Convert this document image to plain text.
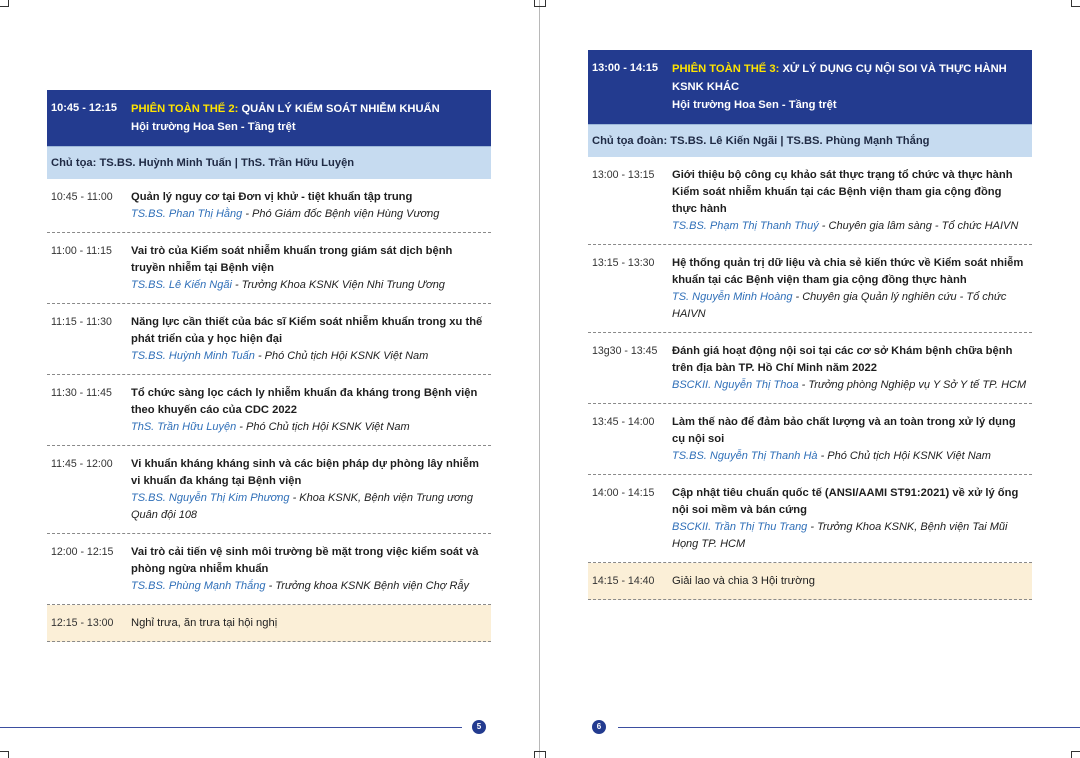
10:45 - 12:15	PHIÊN TOÀN THỂ 2: QUẢN LÝ KIỂM SOÁT NHIỄM KHUẨN
Hội trường Hoa Sen - Tầng trệt
Chủ tọa: TS.BS. Huỳnh Minh Tuấn | ThS. Trần Hữu Luyện
10:45 - 11:00	Quản lý nguy cơ tại Đơn vị khử - tiệt khuẩn tập trung
TS.BS. Phan Thị Hằng - Phó Giám đốc Bệnh viện Hùng Vương
11:00 - 11:15	Vai trò của Kiểm soát nhiễm khuẩn trong giám sát dịch bệnh truyền nhiễm tại Bệnh viện
TS.BS. Lê Kiến Ngãi - Trưởng Khoa KSNK Viện Nhi Trung Ương
11:15 - 11:30	Năng lực cần thiết của bác sĩ Kiểm soát nhiễm khuẩn trong xu thế phát triển của y học hiện đại
TS.BS. Huỳnh Minh Tuấn - Phó Chủ tịch Hội KSNK Việt Nam
11:30 - 11:45	Tổ chức sàng lọc cách ly nhiễm khuẩn đa kháng trong Bệnh viện theo khuyến cáo của CDC 2022
ThS. Trần Hữu Luyện - Phó Chủ tịch Hội KSNK Việt Nam
11:45 - 12:00	Vi khuẩn kháng kháng sinh và các biện pháp dự phòng lây nhiễm vi khuẩn đa kháng tại Bệnh viện
TS.BS. Nguyễn Thị Kim Phương - Khoa KSNK, Bệnh viện Trung ương Quân đội 108
12:00 - 12:15	Vai trò cải tiến vệ sinh môi trường bề mặt trong việc kiểm soát và phòng ngừa nhiễm khuẩn
TS.BS. Phùng Mạnh Thắng - Trưởng khoa KSNK Bệnh viện Chợ Rẫy
12:15 - 13:00	Nghỉ trưa, ăn trưa tại hội nghị
5
13:00 - 14:15	PHIÊN TOÀN THỂ 3: XỬ LÝ DỤNG CỤ NỘI SOI VÀ THỰC HÀNH KSNK KHÁC
Hội trường Hoa Sen - Tầng trệt
Chủ tọa đoàn: TS.BS. Lê Kiến Ngãi | TS.BS. Phùng Mạnh Thắng
13:00 - 13:15	Giới thiệu bộ công cụ khảo sát thực trạng tổ chức và thực hành Kiểm soát nhiễm khuẩn tại các Bệnh viện tham gia cộng đồng thực hành
TS.BS. Phạm Thị Thanh Thuý - Chuyên gia lâm sàng - Tổ chức HAIVN
13:15 - 13:30	Hệ thống quản trị dữ liệu và chia sẻ kiến thức về Kiểm soát nhiễm khuẩn tại các Bệnh viện tham gia cộng đồng thực hành
TS. Nguyễn Minh Hoàng - Chuyên gia Quản lý nghiên cứu - Tổ chức HAIVN
13g30 - 13:45	Đánh giá hoạt động nội soi tại các cơ sở Khám bệnh chữa bệnh trên địa bàn TP. Hồ Chí Minh năm 2022
BSCKII. Nguyễn Thị Thoa - Trưởng phòng Nghiệp vụ Y Sở Y tế TP. HCM
13:45 - 14:00	Làm thế nào để đảm bảo chất lượng và an toàn trong xử lý dụng cụ nội soi
TS.BS. Nguyễn Thị Thanh Hà - Phó Chủ tịch Hội KSNK Việt Nam
14:00 - 14:15	Cập nhật tiêu chuẩn quốc tế (ANSI/AAMI ST91:2021) về xử lý ống nội soi mềm và bán cứng
BSCKII. Trần Thị Thu Trang - Trưởng Khoa KSNK, Bệnh viện Tai Mũi Họng TP. HCM
14:15 - 14:40	Giải lao và chia 3 Hội trường
6
